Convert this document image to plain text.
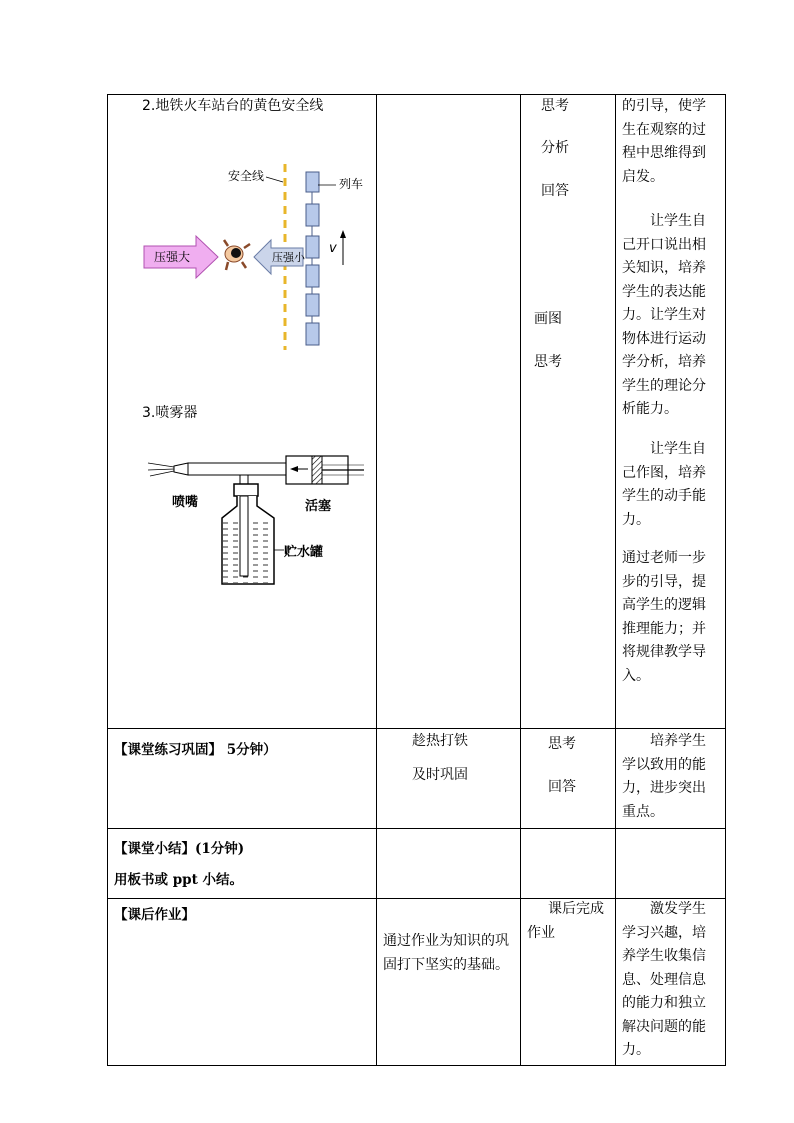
2.地铁火车站台的黄色安全线
安全线
列车
v
压强大	压强小
3.喷雾器
喷嘴	活塞
贮水罐
思考
分析
回答
画图
思考
的引导，使学生在观察的过程中思维得到启发。
让学生自己开口说出相关知识，培养学生的表达能力。让学生对物体进行运动学分析，培养学生的理论分析能力。
让学生自己作图，培养学生的动手能力。
通过老师一步步的引导，提高学生的逻辑推理能力；并将规律教学导入。
【课堂练习巩固】 5分钟）
趁热打铁
及时巩固
思考
回答
培养学生学以致用的能力，进步突出重点。
【课堂小结】(1分钟)
用板书或 ppt 小结。
【课后作业】
通过作业为知识的巩固打下坚实的基础。
课后完成作业
激发学生学习兴趣，培养学生收集信息、处理信息的能力和独立解决问题的能力。
